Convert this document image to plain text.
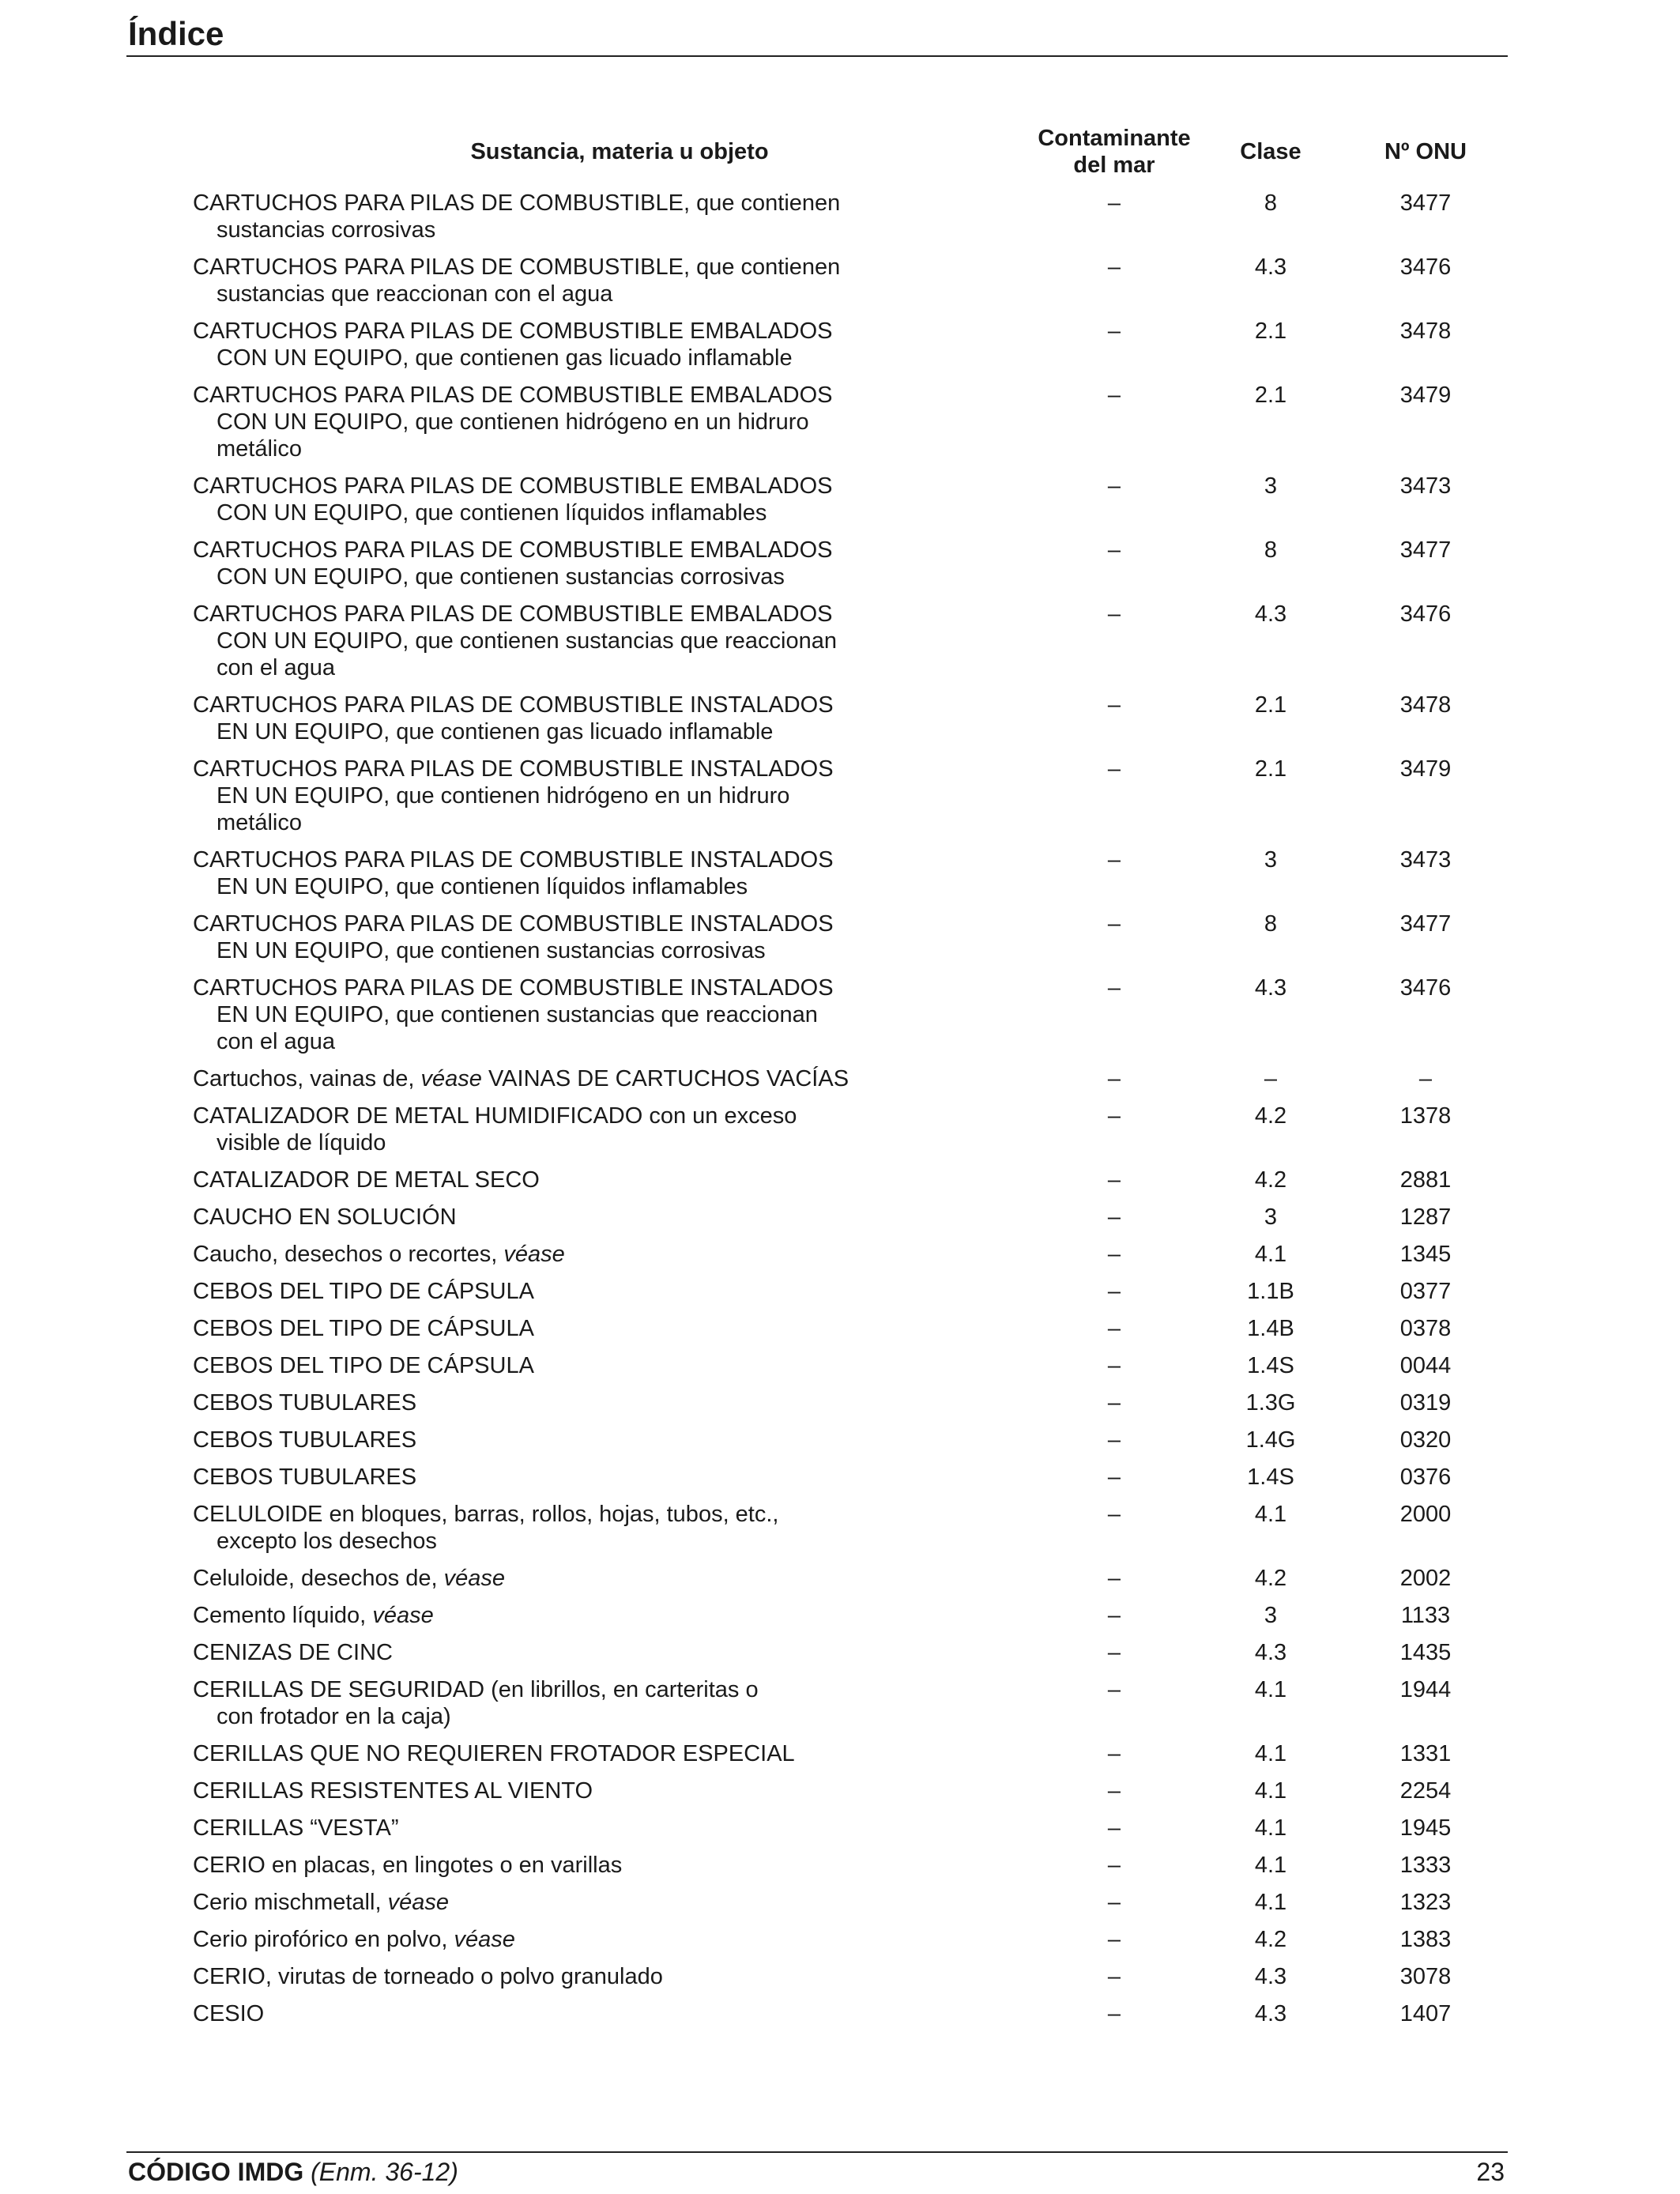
Índice
Sustancia, materia u objeto
Contaminante
del mar
Clase	Nº ONU
CARTUCHOS PARA PILAS DE COMBUSTIBLE, que contienen
sustancias corrosivas
–	8	3477
CARTUCHOS PARA PILAS DE COMBUSTIBLE, que contienen
sustancias que reaccionan con el agua
–	4.3	3476
CARTUCHOS PARA PILAS DE COMBUSTIBLE EMBALADOS
CON UN EQUIPO, que contienen gas licuado inflamable
–	2.1	3478
CARTUCHOS PARA PILAS DE COMBUSTIBLE EMBALADOS
CON UN EQUIPO, que contienen hidrógeno en un hidruro
metálico
–	2.1	3479
CARTUCHOS PARA PILAS DE COMBUSTIBLE EMBALADOS
CON UN EQUIPO, que contienen líquidos inflamables
–	3	3473
CARTUCHOS PARA PILAS DE COMBUSTIBLE EMBALADOS
CON UN EQUIPO, que contienen sustancias corrosivas
–	8	3477
CARTUCHOS PARA PILAS DE COMBUSTIBLE EMBALADOS
CON UN EQUIPO, que contienen sustancias que reaccionan
con el agua
–	4.3	3476
CARTUCHOS PARA PILAS DE COMBUSTIBLE INSTALADOS
EN UN EQUIPO, que contienen gas licuado inflamable
–	2.1	3478
CARTUCHOS PARA PILAS DE COMBUSTIBLE INSTALADOS
EN UN EQUIPO, que contienen hidrógeno en un hidruro
metálico
–	2.1	3479
CARTUCHOS PARA PILAS DE COMBUSTIBLE INSTALADOS
EN UN EQUIPO, que contienen líquidos inflamables
–	3	3473
CARTUCHOS PARA PILAS DE COMBUSTIBLE INSTALADOS
EN UN EQUIPO, que contienen sustancias corrosivas
–	8	3477
CARTUCHOS PARA PILAS DE COMBUSTIBLE INSTALADOS
EN UN EQUIPO, que contienen sustancias que reaccionan
con el agua
–	4.3	3476
Cartuchos, vainas de, véase VAINAS DE CARTUCHOS VACÍAS	–	–	–
CATALIZADOR DE METAL HUMIDIFICADO con un exceso
visible de líquido
–	4.2	1378
CATALIZADOR DE METAL SECO	–	4.2	2881
CAUCHO EN SOLUCIÓN	–	3	1287
Caucho, desechos o recortes, véase	–	4.1	1345
CEBOS DEL TIPO DE CÁPSULA	–	1.1B	0377
CEBOS DEL TIPO DE CÁPSULA	–	1.4B	0378
CEBOS DEL TIPO DE CÁPSULA	–	1.4S	0044
CEBOS TUBULARES	–	1.3G	0319
CEBOS TUBULARES	–	1.4G	0320
CEBOS TUBULARES	–	1.4S	0376
CELULOIDE en bloques, barras, rollos, hojas, tubos, etc.,
excepto los desechos
–	4.1	2000
Celuloide, desechos de, véase	–	4.2	2002
Cemento líquido, véase	–	3	1133
CENIZAS DE CINC	–	4.3	1435
CERILLAS DE SEGURIDAD (en librillos, en carteritas o
con frotador en la caja)
–	4.1	1944
CERILLAS QUE NO REQUIEREN FROTADOR ESPECIAL	–	4.1	1331
CERILLAS RESISTENTES AL VIENTO	–	4.1	2254
CERILLAS “VESTA”	–	4.1	1945
CERIO en placas, en lingotes o en varillas	–	4.1	1333
Cerio mischmetall, véase	–	4.1	1323
Cerio pirofórico en polvo, véase	–	4.2	1383
CERIO, virutas de torneado o polvo granulado	–	4.3	3078
CESIO	–	4.3	1407
CÓDIGO IMDG (Enm. 36-12)	23
